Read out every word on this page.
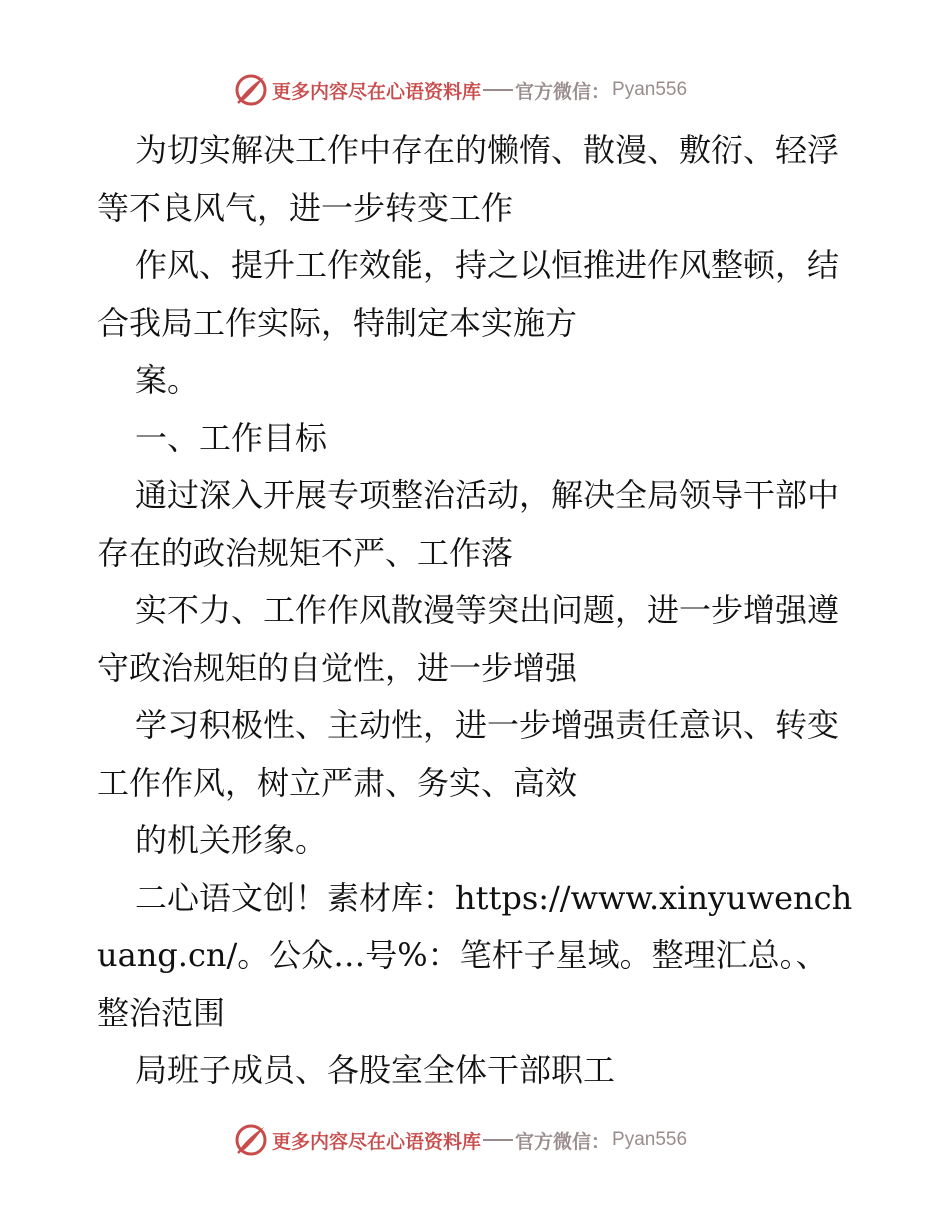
更多内容尽在心语资料库 官方微信： Pyan556

为切实解决工作中存在的懒惰、散漫、敷衍、轻浮等不良风气，进一步转变工作

作风、提升工作效能，持之以恒推进作风整顿，结合我局工作实际，特制定本实施方

案。

一、工作目标

通过深入开展专项整治活动，解决全局领导干部中存在的政治规矩不严、工作落

实不力、工作作风散漫等突出问题，进一步增强遵守政治规矩的自觉性，进一步增强

学习积极性、主动性，进一步增强责任意识、转变工作作风，树立严肃、务实、高效

的机关形象。

二心语文创！素材库：https://www.xinyuwenchuang.cn/。公众…号%：笔杆子星域。整理汇总。、整治范围

局班子成员、各股室全体干部职工

更多内容尽在心语资料库 官方微信： Pyan556
